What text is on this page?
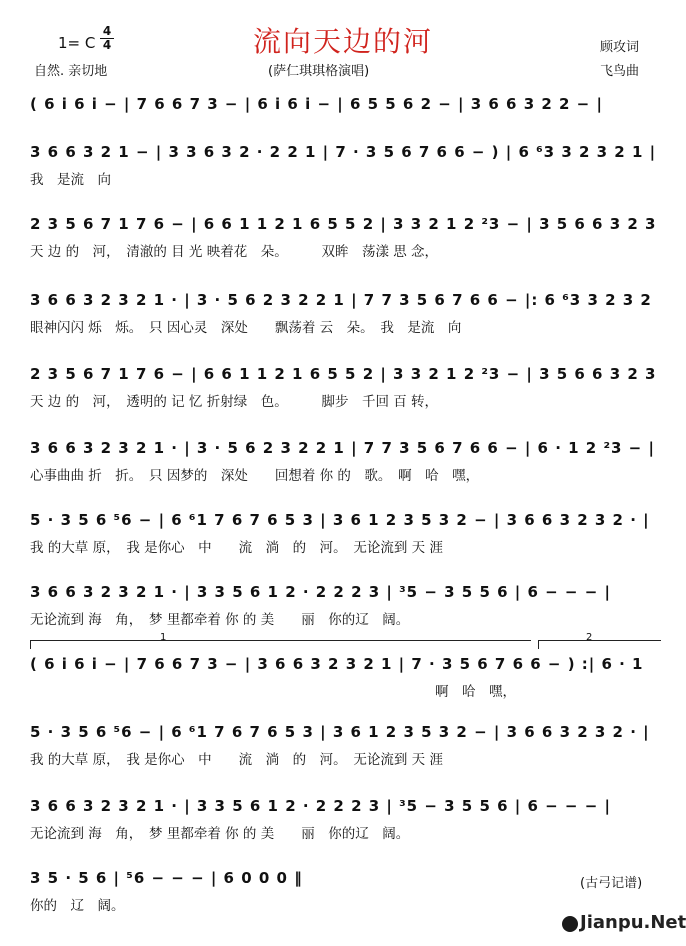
流向天边的河
1= C
4
4
自然. 亲切地	(萨仁琪琪格演唱)
顾攻词
飞鸟曲
( 6 i 6 i − | 7 6 6 7 3 − | 6 i 6 i − | 6 5 5 6 2 − | 3 6 6 3 2 2 − |
3 6 6 3 2 1 − | 3 3 6 3 2 · 2 2 1 | 7 · 3 5 6 7 6 6 − ) | 6 ⁶3 3 2 3 2 1 |
我　是流　向
2 3 5 6 7 1 7 6 − | 6 6 1 1 2 1 6 5 5 2 | 3 3 2 1 2 ²3 − | 3 5 6 6 3 2 3
天 边 的　河，　清澈的 目 光 映着花　朵。　　　双眸　荡漾 思 念，
3 6 6 3 2 3 2 1 · | 3 · 5 6 2 3 2 2 1 | 7 7 3 5 6 7 6 6 − |: 6 ⁶3 3 2 3 2
眼神闪闪 烁　烁。　只 因心灵　深处　　飘荡着 云　朵。　我　是流　向
2 3 5 6 7 1 7 6 − | 6 6 1 1 2 1 6 5 5 2 | 3 3 2 1 2 ²3 − | 3 5 6 6 3 2 3
天 边 的　河，　透明的 记 忆 折射绿　色。　　　脚步　千回 百 转，
3 6 6 3 2 3 2 1 · | 3 · 5 6 2 3 2 2 1 | 7 7 3 5 6 7 6 6 − | 6 · 1 2 ²3 − |
心事曲曲 折　折。　只 因梦的　深处　　回想着 你 的　歌。　啊　哈　嘿，
5 · 3 5 6 ⁵6 − | 6 ⁶1 7 6 7 6 5 3 | 3 6 1 2 3 5 3 2 − | 3 6 6 3 2 3 2 · |
我 的大草 原，　我 是你心　中　　流　淌　的　河。　无论流到 天 涯
3 6 6 3 2 3 2 1 · | 3 3 5 6 1 2 · 2 2 2 3 | ³5 − 3 5 5 6 | 6 − − − |
无论流到 海　角，　梦 里都牵着 你 的 美　　丽　你的辽　阔。
1	2
( 6 i 6 i − | 7 6 6 7 3 − | 3 6 6 3 2 3 2 1 | 7 · 3 5 6 7 6 6 − ) :| 6 · 1
　　　　　　　　　　　　　　　　　　　　　　　　　　　　　　啊　哈　嘿，
5 · 3 5 6 ⁵6 − | 6 ⁶1 7 6 7 6 5 3 | 3 6 1 2 3 5 3 2 − | 3 6 6 3 2 3 2 · |
我 的大草 原，　我 是你心　中　　流　淌　的　河。　无论流到 天 涯
3 6 6 3 2 3 2 1 · | 3 3 5 6 1 2 · 2 2 2 3 | ³5 − 3 5 5 6 | 6 − − − |
无论流到 海　角，　梦 里都牵着 你 的 美　　丽　你的辽　阔。
3 5 · 5 6 | ⁵6 − − − | 6 0 0 0 ‖
你的　辽　阔。
(古弓记谱)
Jianpu.Net
